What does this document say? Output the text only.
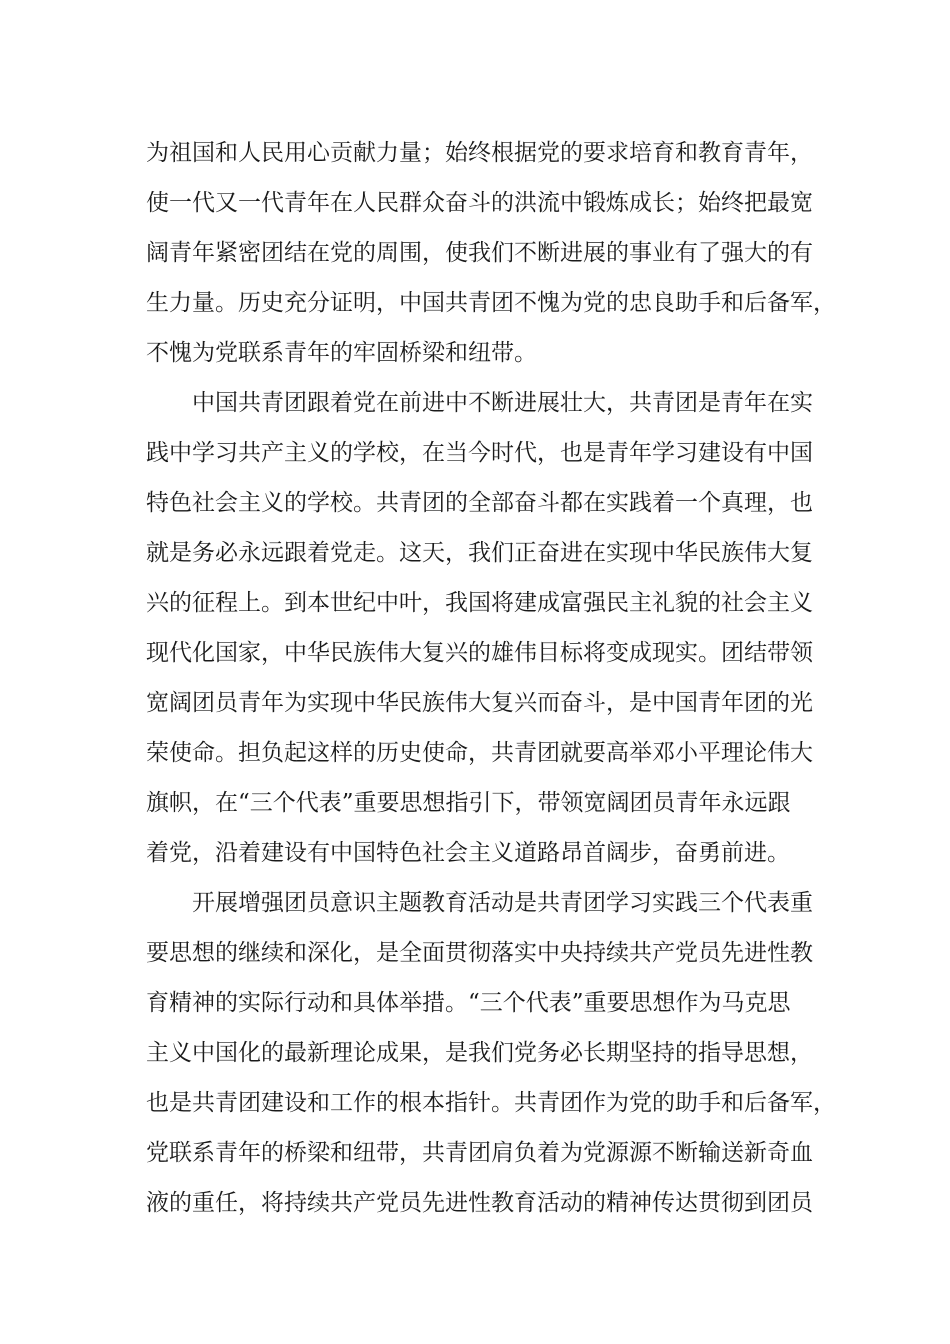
为祖国和人民用心贡献力量；始终根据党的要求培育和教育青年，
使一代又一代青年在人民群众奋斗的洪流中锻炼成长；始终把最宽
阔青年紧密团结在党的周围，使我们不断进展的事业有了强大的有
生力量。历史充分证明，中国共青团不愧为党的忠良助手和后备军，
不愧为党联系青年的牢固桥梁和纽带。
中国共青团跟着党在前进中不断进展壮大，共青团是青年在实
践中学习共产主义的学校，在当今时代，也是青年学习建设有中国
特色社会主义的学校。共青团的全部奋斗都在实践着一个真理，也
就是务必永远跟着党走。这天，我们正奋进在实现中华民族伟大复
兴的征程上。到本世纪中叶，我国将建成富强民主礼貌的社会主义
现代化国家，中华民族伟大复兴的雄伟目标将变成现实。团结带领
宽阔团员青年为实现中华民族伟大复兴而奋斗，是中国青年团的光
荣使命。担负起这样的历史使命，共青团就要高举邓小平理论伟大
旗帜，在“三个代表”重要思想指引下，带领宽阔团员青年永远跟
着党，沿着建设有中国特色社会主义道路昂首阔步，奋勇前进。
开展增强团员意识主题教育活动是共青团学习实践三个代表重
要思想的继续和深化，是全面贯彻落实中央持续共产党员先进性教
育精神的实际行动和具体举措。“三个代表”重要思想作为马克思
主义中国化的最新理论成果，是我们党务必长期坚持的指导思想，
也是共青团建设和工作的根本指针。共青团作为党的助手和后备军，
党联系青年的桥梁和纽带，共青团肩负着为党源源不断输送新奇血
液的重任，将持续共产党员先进性教育活动的精神传达贯彻到团员
